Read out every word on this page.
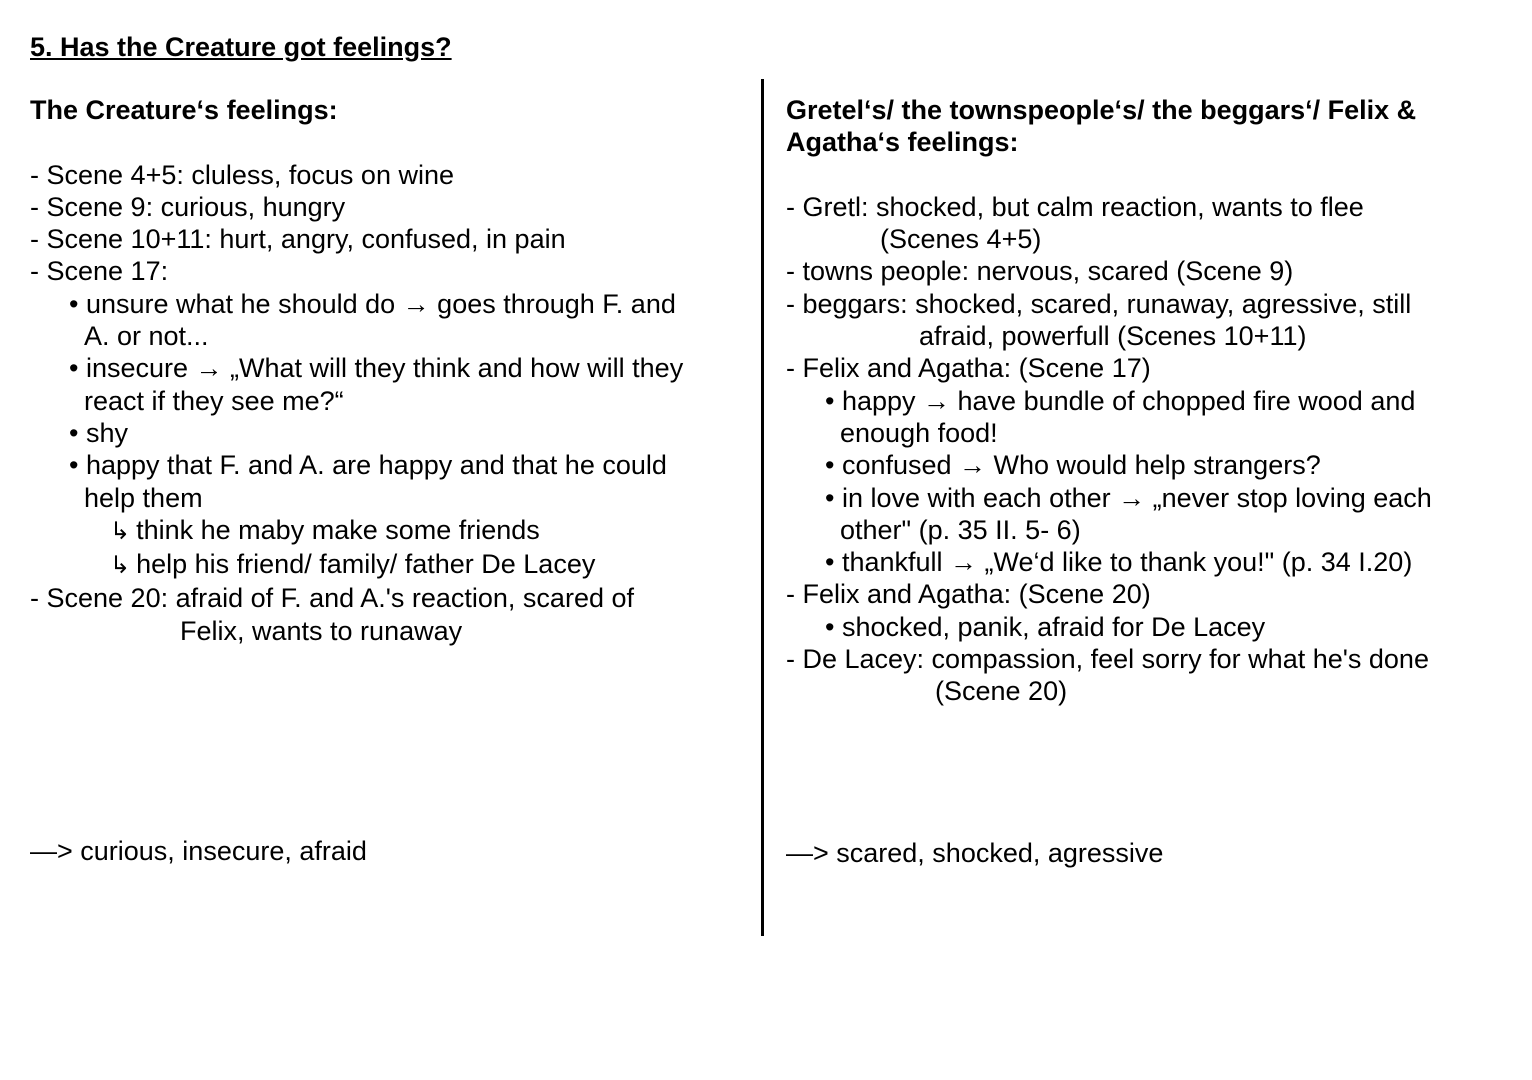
5. Has the Creature got feelings?
The Creature‘s feelings:
- Scene 4+5: cluless, focus on wine
- Scene 9: curious, hungry
- Scene 10+11: hurt, angry, confused, in pain
- Scene 17:
• unsure what he should do → goes through F. and
A. or not...
• insecure → „What will they think and how will they
react if they see me?“
• shy
• happy that F. and A. are happy and that he could
help them
↳ think he maby make some friends
↳ help his friend/ family/ father De Lacey
- Scene 20: afraid of F. and A.'s reaction, scared of
Felix, wants to runaway
Gretel‘s/ the townspeople‘s/ the beggars‘/ Felix &
Agatha‘s feelings:
- Gretl: shocked, but calm reaction, wants to flee
(Scenes 4+5)
- towns people: nervous, scared (Scene 9)
- beggars: shocked, scared, runaway, agressive, still
afraid, powerfull (Scenes 10+11)
- Felix and Agatha: (Scene 17)
• happy → have bundle of chopped fire wood and
enough food!
• confused → Who would help strangers?
• in love with each other → „never stop loving each
other" (p. 35 II. 5- 6)
• thankfull → „We‘d like to thank you!" (p. 34 I.20)
- Felix and Agatha: (Scene 20)
• shocked, panik, afraid for De Lacey
- De Lacey: compassion, feel sorry for what he's done
(Scene 20)
—> curious, insecure, afraid	—> scared, shocked, agressive
